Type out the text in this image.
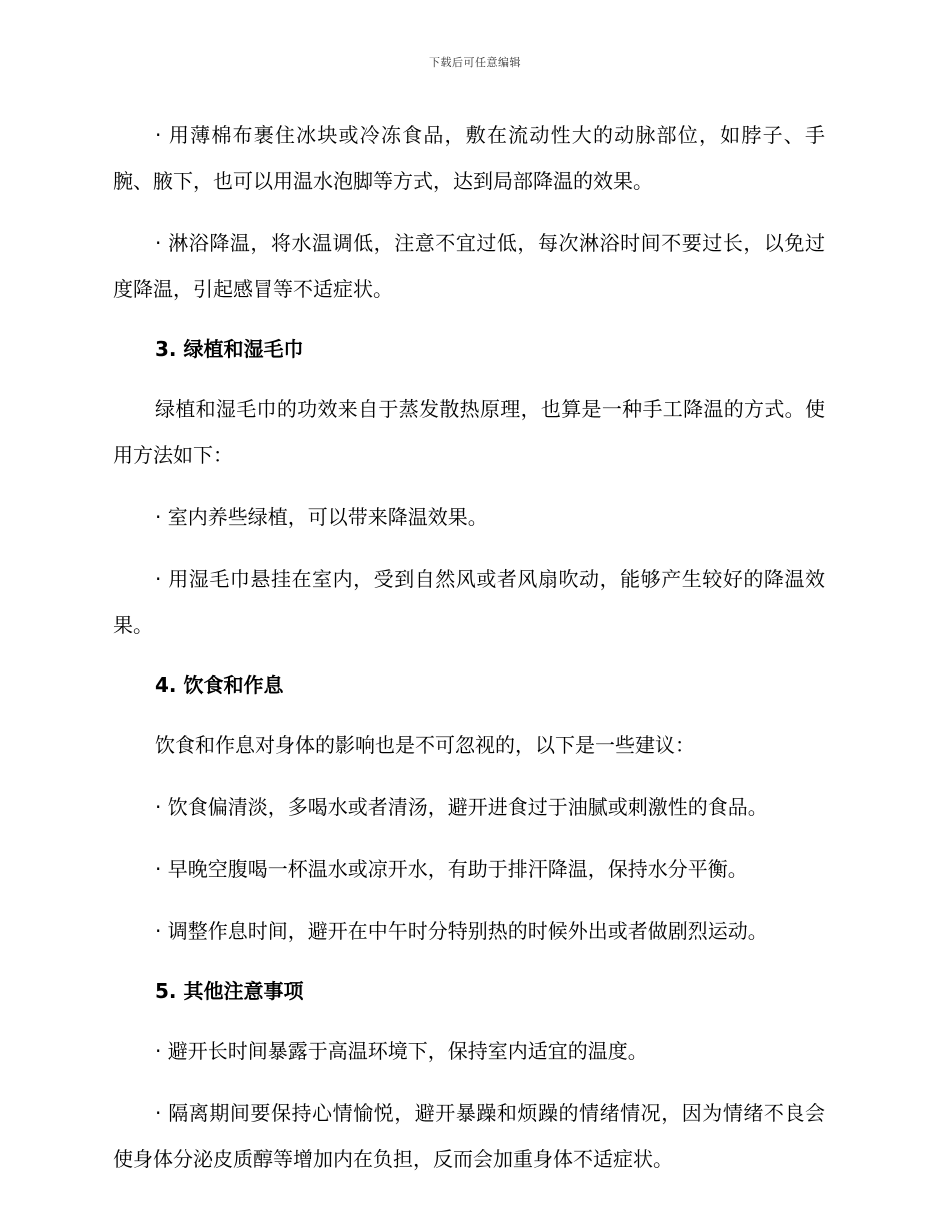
下载后可任意编辑

· 用薄棉布裹住冰块或冷冻食品，敷在流动性大的动脉部位，如脖子、手腕、腋下，也可以用温水泡脚等方式，达到局部降温的效果。

· 淋浴降温，将水温调低，注意不宜过低，每次淋浴时间不要过长，以免过度降温，引起感冒等不适症状。

3. 绿植和湿毛巾

绿植和湿毛巾的功效来自于蒸发散热原理，也算是一种手工降温的方式。使用方法如下：

· 室内养些绿植，可以带来降温效果。

· 用湿毛巾悬挂在室内，受到自然风或者风扇吹动，能够产生较好的降温效果。

4. 饮食和作息

饮食和作息对身体的影响也是不可忽视的，以下是一些建议：

· 饮食偏清淡，多喝水或者清汤，避开进食过于油腻或刺激性的食品。

· 早晚空腹喝一杯温水或凉开水，有助于排汗降温，保持水分平衡。

· 调整作息时间，避开在中午时分特别热的时候外出或者做剧烈运动。

5. 其他注意事项

· 避开长时间暴露于高温环境下，保持室内适宜的温度。

· 隔离期间要保持心情愉悦，避开暴躁和烦躁的情绪情况，因为情绪不良会使身体分泌皮质醇等增加内在负担，反而会加重身体不适症状。
